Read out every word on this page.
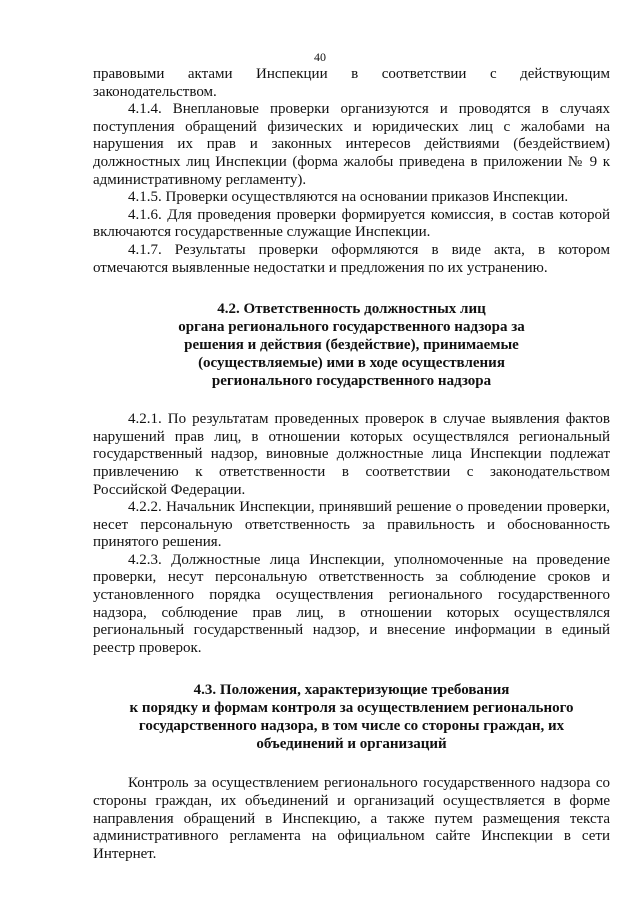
40

правовыми актами Инспекции в соответствии с действующим законодательством.

4.1.4. Внеплановые проверки организуются и проводятся в случаях поступления обращений физических и юридических лиц с жалобами на нарушения их прав и законных интересов действиями (бездействием) должностных лиц Инспекции (форма жалобы приведена в приложении № 9 к административному регламенту).

4.1.5. Проверки осуществляются на основании приказов Инспекции.

4.1.6. Для проведения проверки формируется комиссия, в состав которой включаются государственные служащие Инспекции.

4.1.7. Результаты проверки оформляются в виде акта, в котором отмечаются выявленные недостатки и предложения по их устранению.

4.2. Ответственность должностных лиц
органа регионального государственного надзора за
решения и действия (бездействие), принимаемые
(осуществляемые) ими в ходе осуществления
регионального государственного надзора

4.2.1. По результатам проведенных проверок в случае выявления фактов нарушений прав лиц, в отношении которых осуществлялся региональный государственный надзор, виновные должностные лица Инспекции подлежат привлечению к ответственности в соответствии с законодательством Российской Федерации.

4.2.2. Начальник Инспекции, принявший решение о проведении проверки, несет персональную ответственность за правильность и обоснованность принятого решения.

4.2.3. Должностные лица Инспекции, уполномоченные на проведение проверки, несут персональную ответственность за соблюдение сроков и установленного порядка осуществления регионального государственного надзора, соблюдение прав лиц, в отношении которых осуществлялся региональный государственный надзор, и внесение информации в единый реестр проверок.

4.3. Положения, характеризующие требования
к порядку и формам контроля за осуществлением регионального
государственного надзора, в том числе со стороны граждан, их
объединений и организаций

Контроль за осуществлением регионального государственного надзора со стороны граждан, их объединений и организаций осуществляется в форме направления обращений в Инспекцию, а также путем размещения текста административного регламента на официальном сайте Инспекции в сети Интернет.
